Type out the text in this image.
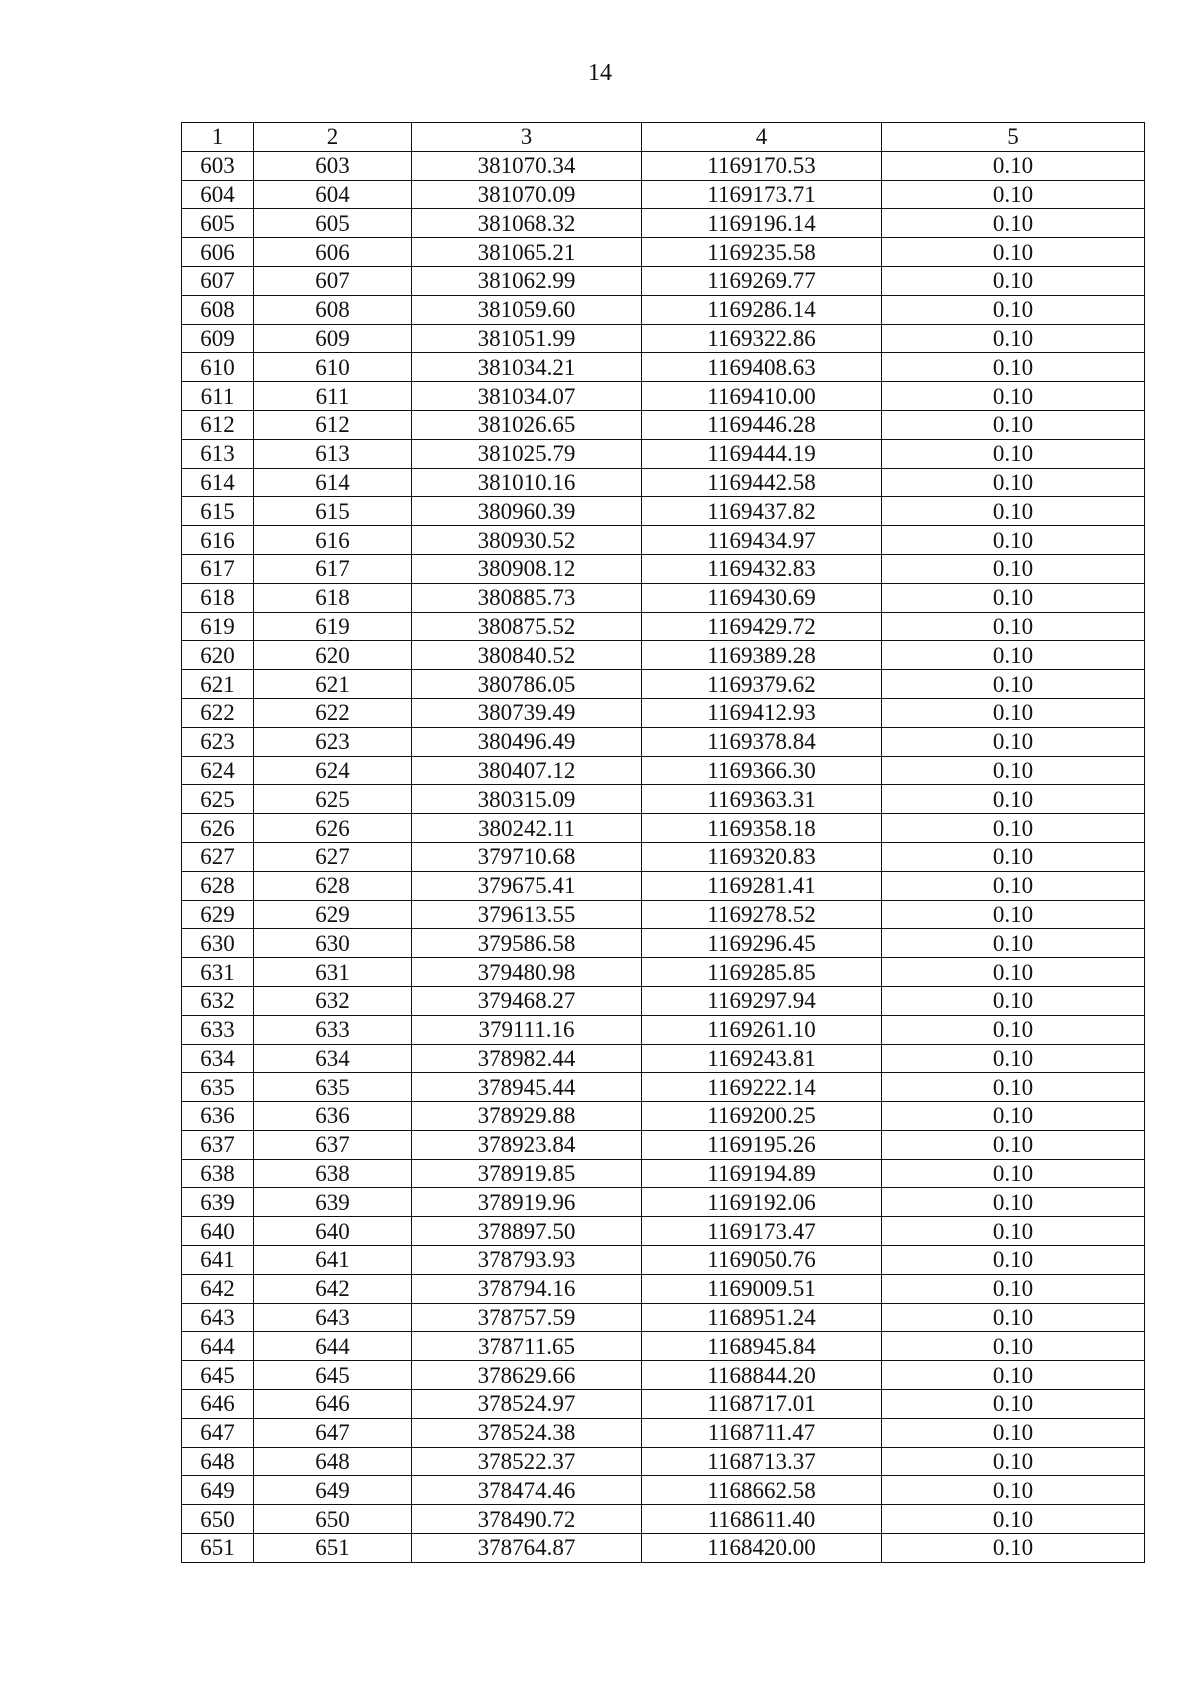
14
1	2	3	4	5
603	603	381070.34	1169170.53	0.10
604	604	381070.09	1169173.71	0.10
605	605	381068.32	1169196.14	0.10
606	606	381065.21	1169235.58	0.10
607	607	381062.99	1169269.77	0.10
608	608	381059.60	1169286.14	0.10
609	609	381051.99	1169322.86	0.10
610	610	381034.21	1169408.63	0.10
611	611	381034.07	1169410.00	0.10
612	612	381026.65	1169446.28	0.10
613	613	381025.79	1169444.19	0.10
614	614	381010.16	1169442.58	0.10
615	615	380960.39	1169437.82	0.10
616	616	380930.52	1169434.97	0.10
617	617	380908.12	1169432.83	0.10
618	618	380885.73	1169430.69	0.10
619	619	380875.52	1169429.72	0.10
620	620	380840.52	1169389.28	0.10
621	621	380786.05	1169379.62	0.10
622	622	380739.49	1169412.93	0.10
623	623	380496.49	1169378.84	0.10
624	624	380407.12	1169366.30	0.10
625	625	380315.09	1169363.31	0.10
626	626	380242.11	1169358.18	0.10
627	627	379710.68	1169320.83	0.10
628	628	379675.41	1169281.41	0.10
629	629	379613.55	1169278.52	0.10
630	630	379586.58	1169296.45	0.10
631	631	379480.98	1169285.85	0.10
632	632	379468.27	1169297.94	0.10
633	633	379111.16	1169261.10	0.10
634	634	378982.44	1169243.81	0.10
635	635	378945.44	1169222.14	0.10
636	636	378929.88	1169200.25	0.10
637	637	378923.84	1169195.26	0.10
638	638	378919.85	1169194.89	0.10
639	639	378919.96	1169192.06	0.10
640	640	378897.50	1169173.47	0.10
641	641	378793.93	1169050.76	0.10
642	642	378794.16	1169009.51	0.10
643	643	378757.59	1168951.24	0.10
644	644	378711.65	1168945.84	0.10
645	645	378629.66	1168844.20	0.10
646	646	378524.97	1168717.01	0.10
647	647	378524.38	1168711.47	0.10
648	648	378522.37	1168713.37	0.10
649	649	378474.46	1168662.58	0.10
650	650	378490.72	1168611.40	0.10
651	651	378764.87	1168420.00	0.10
